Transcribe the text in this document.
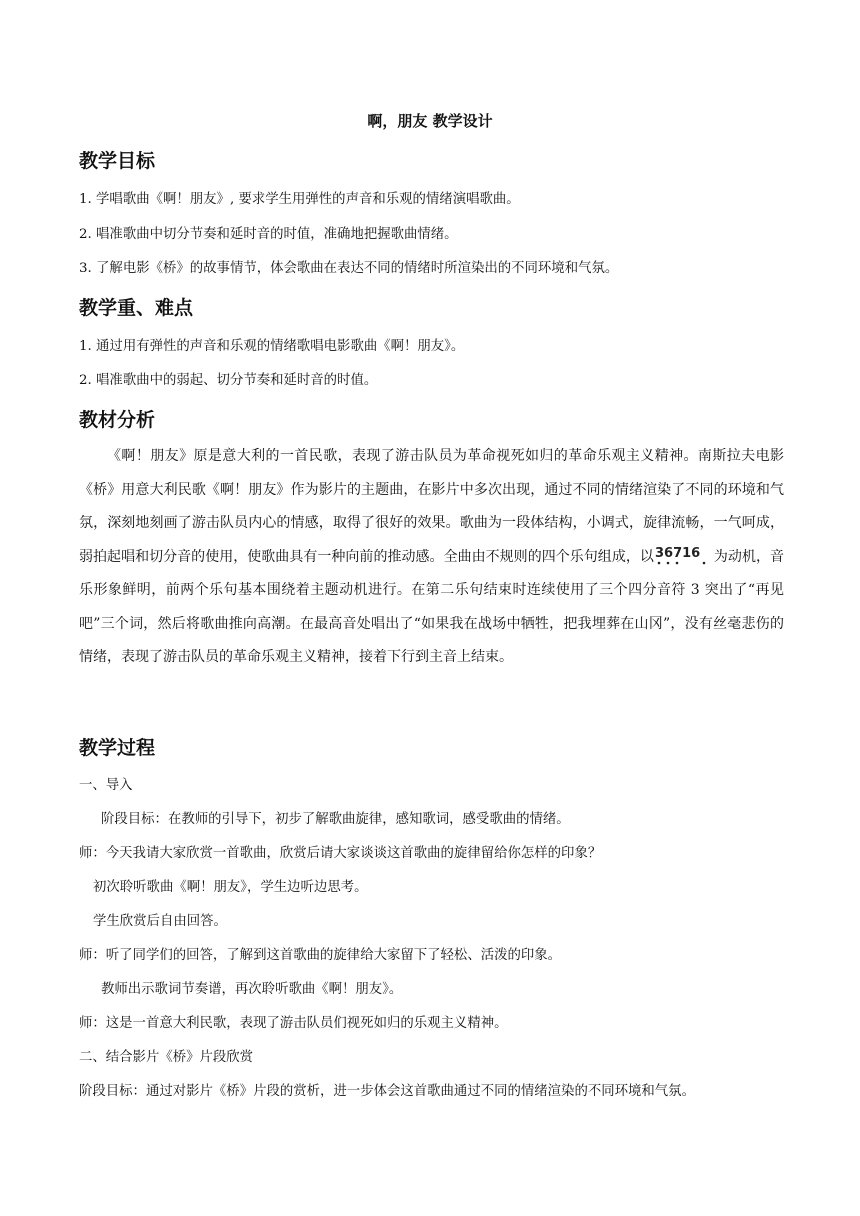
啊，朋友 教学设计
教学目标
1. 学唱歌曲《啊！朋友》, 要求学生用弹性的声音和乐观的情绪演唱歌曲。
2. 唱准歌曲中切分节奏和延时音的时值，准确地把握歌曲情绪。
3. 了解电影《桥》的故事情节，体会歌曲在表达不同的情绪时所渲染出的不同环境和气氛。
教学重、难点
1. 通过用有弹性的声音和乐观的情绪歌唱电影歌曲《啊！朋友》。
2. 唱准歌曲中的弱起、切分节奏和延时音的时值。
教材分析
《啊！朋友》原是意大利的一首民歌，表现了游击队员为革命视死如归的革命乐观主义精神。南斯拉夫电影《桥》用意大利民歌《啊！朋友》作为影片的主题曲，在影片中多次出现，通过不同的情绪渲染了不同的环境和气氛，深刻地刻画了游击队员内心的情感，取得了很好的效果。歌曲为一段体结构，小调式，旋律流畅，一气呵成，弱拍起唱和切分音的使用，使歌曲具有一种向前的推动感。全曲由不规则的四个乐句组成，以 36716 为动机，音乐形象鲜明，前两个乐句基本围绕着主题动机进行。在第二乐句结束时连续使用了三个四分音符 3 突出了“再见吧”三个词，然后将歌曲推向高潮。在最高音处唱出了“如果我在战场中牺牲，把我埋葬在山冈”，没有丝毫悲伤的情绪，表现了游击队员的革命乐观主义精神，接着下行到主音上结束。
教学过程
一、导入
阶段目标：在教师的引导下，初步了解歌曲旋律，感知歌词，感受歌曲的情绪。
师：今天我请大家欣赏一首歌曲，欣赏后请大家谈谈这首歌曲的旋律留给你怎样的印象？
初次聆听歌曲《啊！朋友》，学生边听边思考。
学生欣赏后自由回答。
师：听了同学们的回答，了解到这首歌曲的旋律给大家留下了轻松、活泼的印象。
教师出示歌词节奏谱，再次聆听歌曲《啊！朋友》。
师：这是一首意大利民歌，表现了游击队员们视死如归的乐观主义精神。
二、结合影片《桥》片段欣赏
阶段目标：通过对影片《桥》片段的赏析，进一步体会这首歌曲通过不同的情绪渲染的不同环境和气氛。
